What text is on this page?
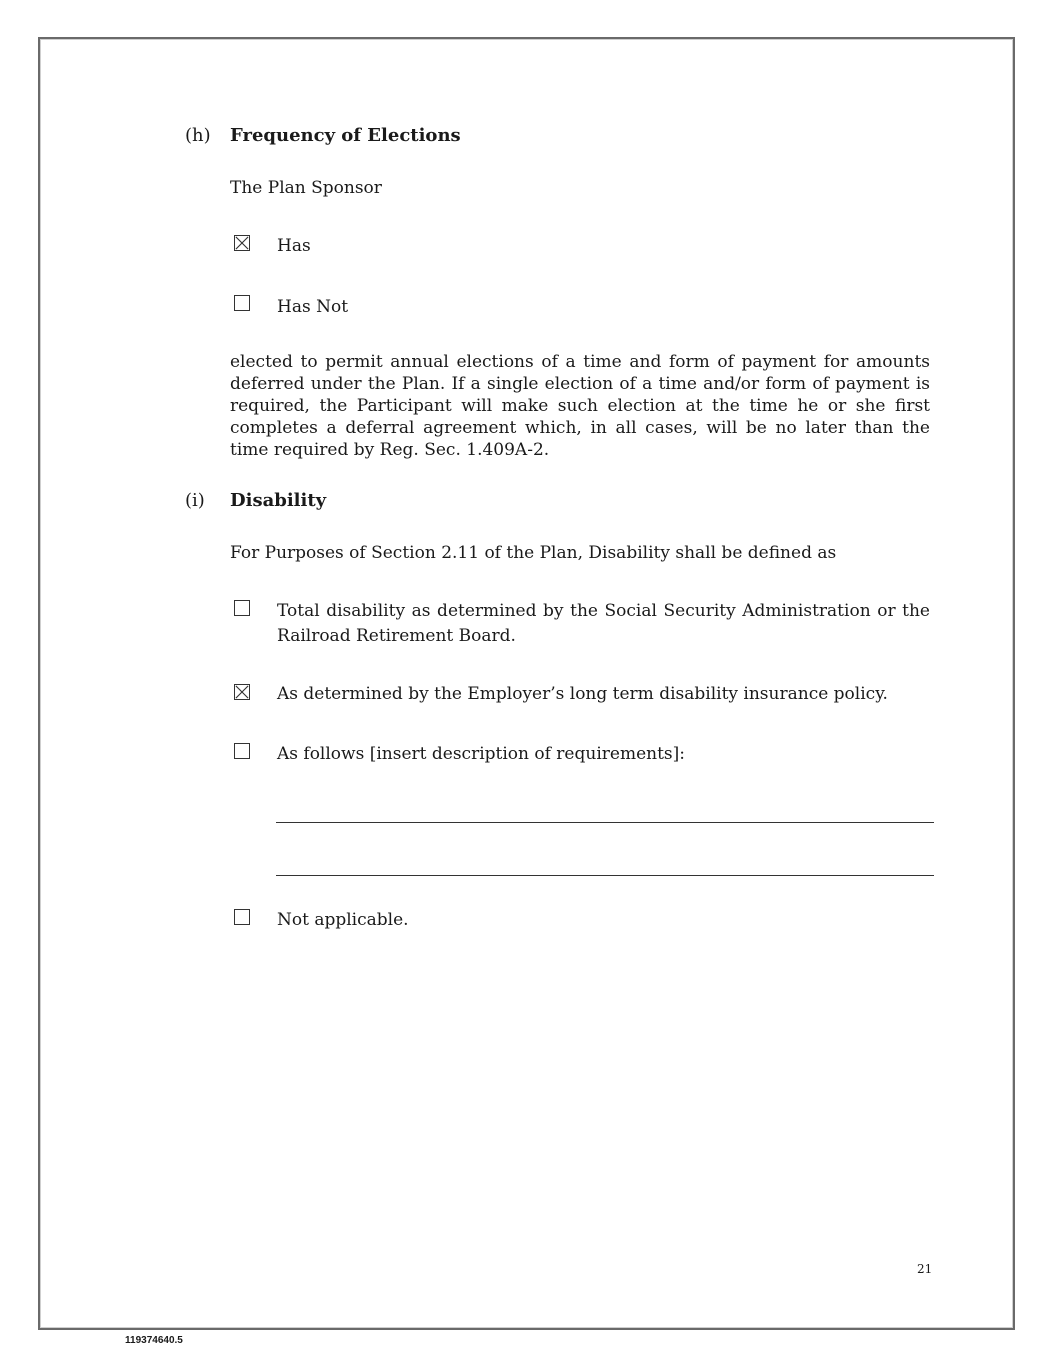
(h) Frequency of Elections
The Plan Sponsor
Has
Has Not
elected to permit annual elections of a time and form of payment for amounts deferred under the Plan. If a single election of a time and/or form of payment is required, the Participant will make such election at the time he or she first completes a deferral agreement which, in all cases, will be no later than the time required by Reg. Sec. 1.409A-2.
(i) Disability
For Purposes of Section 2.11 of the Plan, Disability shall be defined as
Total disability as determined by the Social Security Administration or the Railroad Retirement Board.
As determined by the Employer’s long term disability insurance policy.
As follows [insert description of requirements]:
Not applicable.
21
119374640.5
